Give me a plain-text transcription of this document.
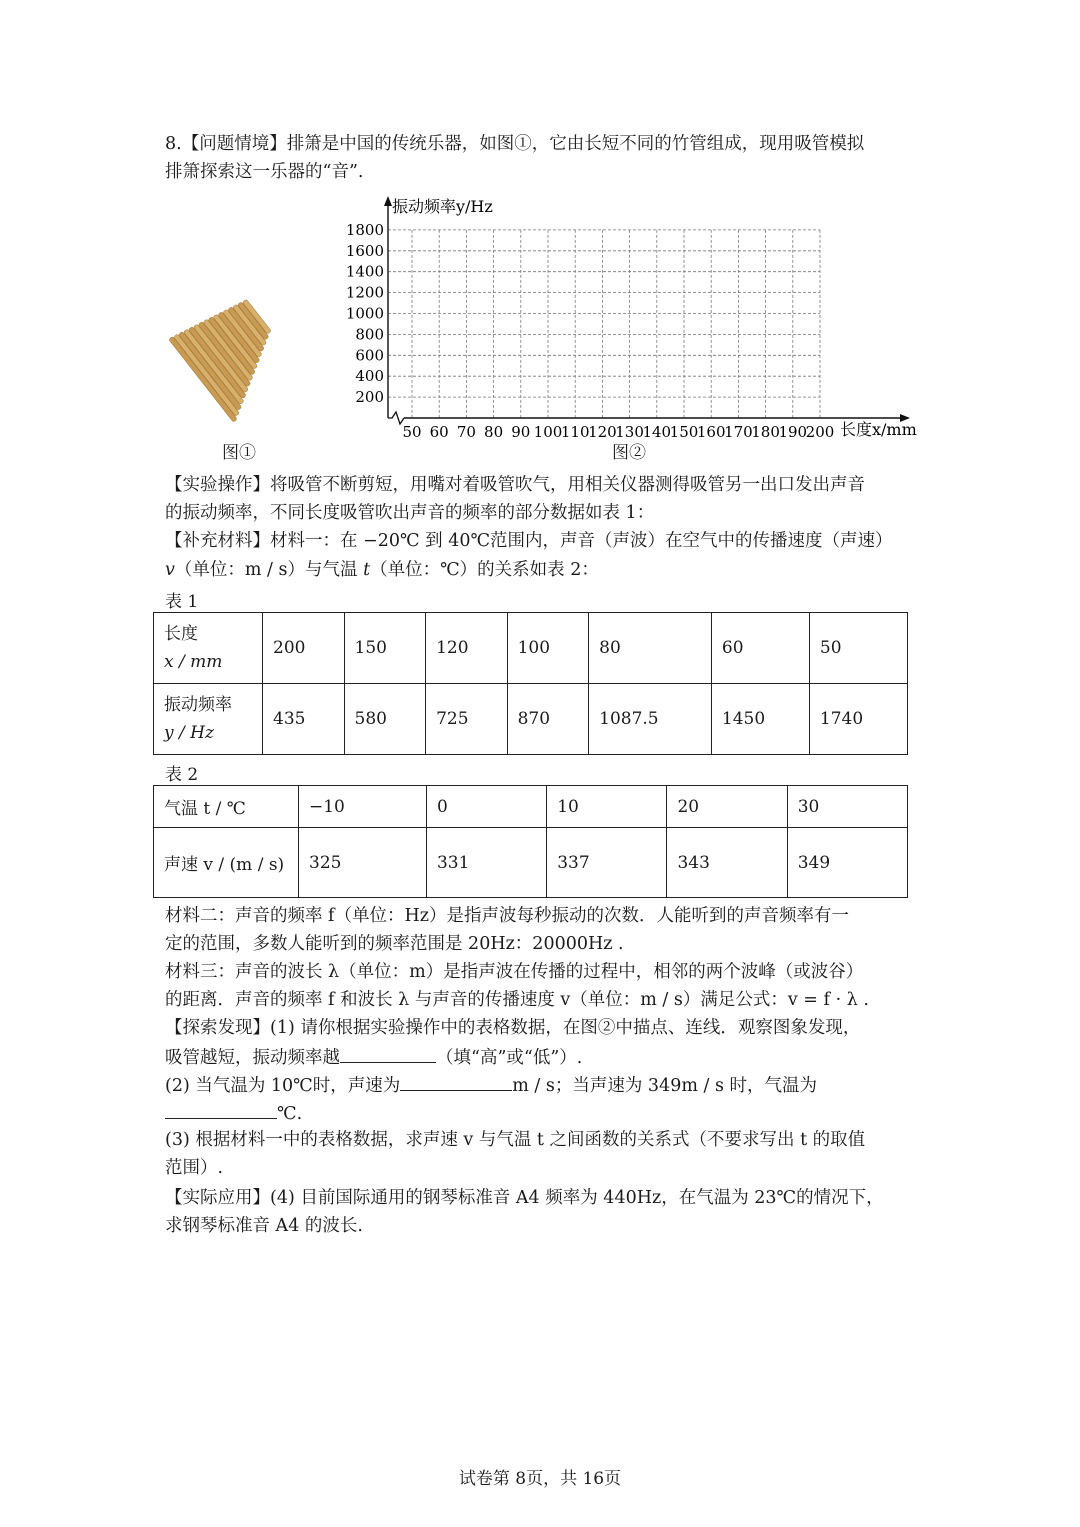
8.【问题情境】排箫是中国的传统乐器，如图①，它由长短不同的竹管组成，现用吸管模拟
排箫探索这一乐器的“音”.
图①
1800
1600
1400
1200
1000
800
600
400
200
50 60 70 80 90 100
110
120
130
140
150
160
170
180
190
200
振动频率y/Hz
长度x/mm
图②
【实验操作】将吸管不断剪短，用嘴对着吸管吹气，用相关仪器测得吸管另一出口发出声音
的振动频率，不同长度吸管吹出声音的频率的部分数据如表 1：
【补充材料】材料一：在 −20℃ 到 40℃范围内，声音（声波）在空气中的传播速度（声速）
v（单位：m / s）与气温 t（单位：℃）的关系如表 2：
表 1
长度
x / mm	200	150	120	100	80	60	50
振动频率
y / Hz	435	580	725	870	1087.5	1450	1740
表 2
气温 t / ℃	−10	0	10	20	30
声速 v / (m / s)	325	331	337	343	349
材料二：声音的频率 f（单位：Hz）是指声波每秒振动的次数．人能听到的声音频率有一
定的范围，多数人能听到的频率范围是 20Hz：20000Hz .
材料三：声音的波长 λ（单位：m）是指声波在传播的过程中，相邻的两个波峰（或波谷）
的距离．声音的频率 f 和波长 λ 与声音的传播速度 v（单位：m / s）满足公式：v = f · λ .
【探索发现】(1) 请你根据实验操作中的表格数据，在图②中描点、连线．观察图象发现，
吸管越短，振动频率越	（填“高”或“低”）.
(2) 当气温为 10℃时，声速为	m / s；当声速为 349m / s 时，气温为
℃.
(3) 根据材料一中的表格数据，求声速 v 与气温 t 之间函数的关系式（不要求写出 t 的取值
范围）.
【实际应用】(4) 目前国际通用的钢琴标准音 A4 频率为 440Hz，在气温为 23℃的情况下，
求钢琴标准音 A4 的波长.
试卷第 8页，共 16页
